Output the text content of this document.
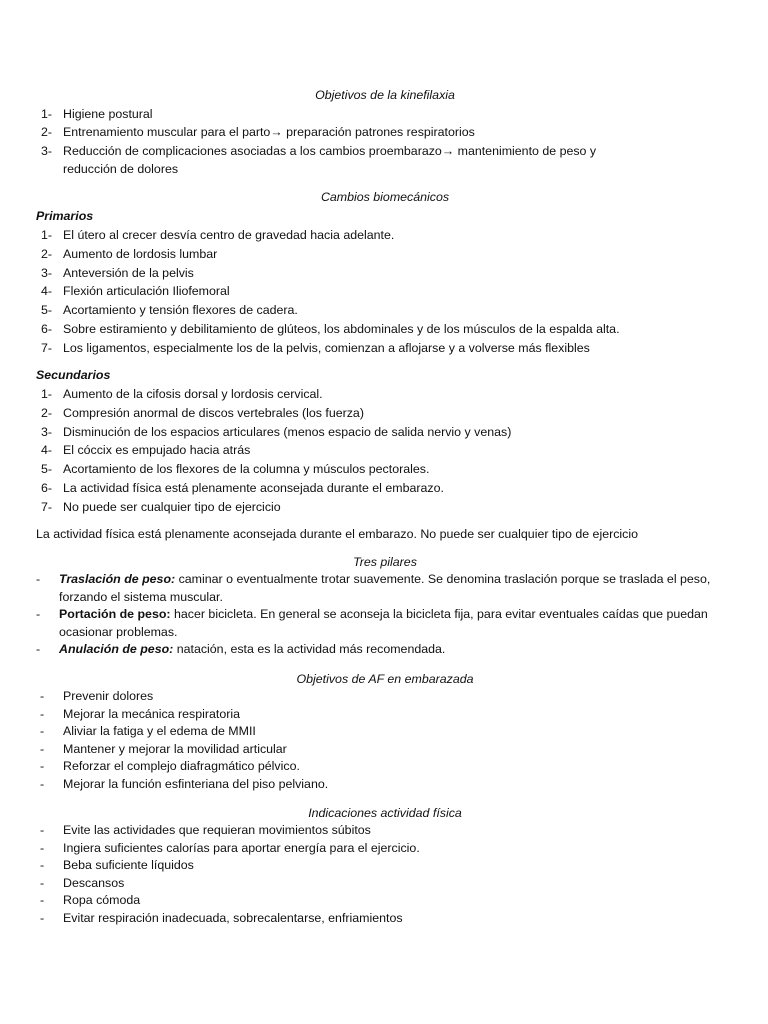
Objetivos de la kinefilaxia

1- Higiene postural
2- Entrenamiento muscular para el parto→ preparación patrones respiratorios
3- Reducción de complicaciones asociadas a los cambios proembarazo→ mantenimiento de peso y reducción de dolores

Cambios biomecánicos

Primarios

1- El útero al crecer desvía centro de gravedad hacia adelante.
2- Aumento de lordosis lumbar
3- Anteversión de la pelvis
4- Flexión articulación Iliofemoral
5- Acortamiento y tensión flexores de cadera.
6- Sobre estiramiento y debilitamiento de glúteos, los abdominales y de los músculos de la espalda alta.
7- Los ligamentos, especialmente los de la pelvis, comienzan a aflojarse y a volverse más flexibles

Secundarios

1- Aumento de la cifosis dorsal y lordosis cervical.
2- Compresión anormal de discos vertebrales (los fuerza)
3- Disminución de los espacios articulares (menos espacio de salida nervio y venas)
4- El cóccix es empujado hacia atrás
5- Acortamiento de los flexores de la columna y músculos pectorales.
6- La actividad física está plenamente aconsejada durante el embarazo.
7- No puede ser cualquier tipo de ejercicio

La actividad física está plenamente aconsejada durante el embarazo. No puede ser cualquier tipo de ejercicio

Tres pilares

- Traslación de peso: caminar o eventualmente trotar suavemente. Se denomina traslación porque se traslada el peso, forzando el sistema muscular.
- Portación de peso: hacer bicicleta. En general se aconseja la bicicleta fija, para evitar eventuales caídas que puedan ocasionar problemas.
- Anulación de peso: natación, esta es la actividad más recomendada.

Objetivos de AF en embarazada

- Prevenir dolores
- Mejorar la mecánica respiratoria
- Aliviar la fatiga y el edema de MMII
- Mantener y mejorar la movilidad articular
- Reforzar el complejo diafragmático pélvico.
- Mejorar la función esfinteriana del piso pelviano.

Indicaciones actividad física

- Evite las actividades que requieran movimientos súbitos
- Ingiera suficientes calorías para aportar energía para el ejercicio.
- Beba suficiente líquidos
- Descansos
- Ropa cómoda
- Evitar respiración inadecuada, sobrecalentarse, enfriamientos
